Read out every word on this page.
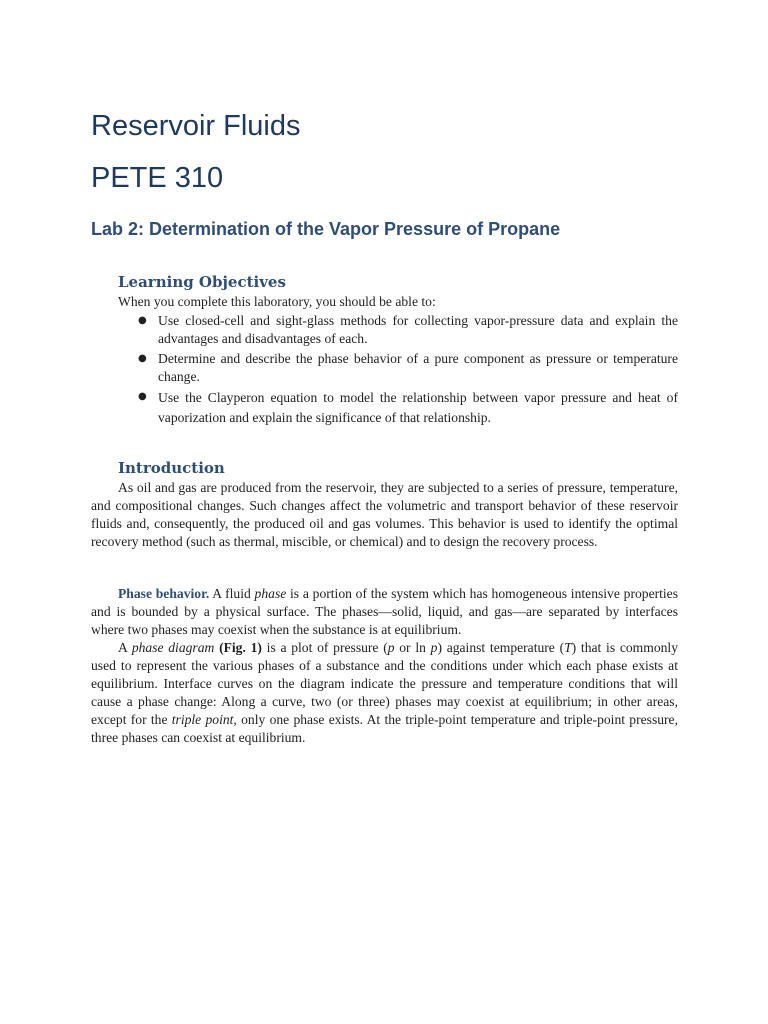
Reservoir Fluids
PETE 310
Lab 2: Determination of the Vapor Pressure of Propane
Learning Objectives

When you complete this laboratory, you should be able to:

● Use closed-cell and sight-glass methods for collecting vapor-pressure data and explain the advantages and disadvantages of each.
● Determine and describe the phase behavior of a pure component as pressure or temperature change.
● Use the Clayperon equation to model the relationship between vapor pressure and heat of vaporization and explain the significance of that relationship.
Introduction

As oil and gas are produced from the reservoir, they are subjected to a series of pressure, temperature, and compositional changes. Such changes affect the volumetric and transport behavior of these reservoir fluids and, consequently, the produced oil and gas volumes. This behavior is used to identify the optimal recovery method (such as thermal, miscible, or chemical) and to design the recovery process.

Phase behavior. A fluid phase is a portion of the system which has homogeneous intensive properties and is bounded by a physical surface. The phases—solid, liquid, and gas—are separated by interfaces where two phases may coexist when the substance is at equilibrium.

A phase diagram (Fig. 1) is a plot of pressure (p or ln p) against temperature (T) that is commonly used to represent the various phases of a substance and the conditions under which each phase exists at equilibrium. Interface curves on the diagram indicate the pressure and temperature conditions that will cause a phase change: Along a curve, two (or three) phases may coexist at equilibrium; in other areas, except for the triple point, only one phase exists. At the triple-point temperature and triple-point pressure, three phases can coexist at equilibrium.
